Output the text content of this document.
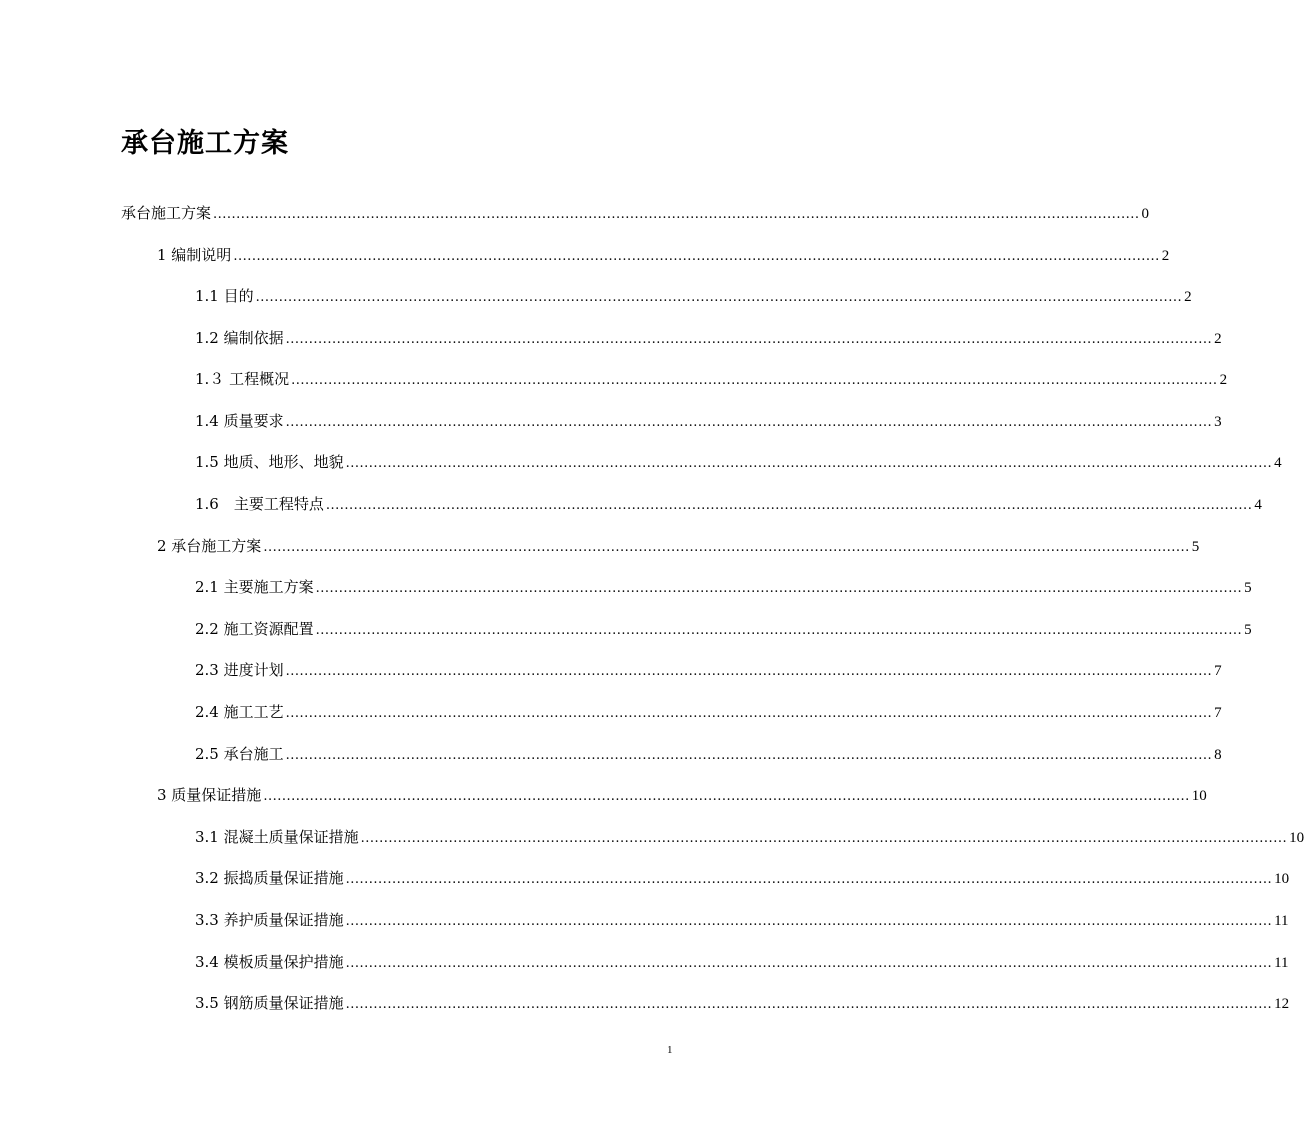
承台施工方案
承台施工方案 ........................................................................................................................................................................................................ 0
1 编制说明 ........................................................................................................................................................................................................ 2
1.1 目的 ........................................................................................................................................................................................................ 2
1.2 编制依据 ........................................................................................................................................................................................................ 2
1.３ 工程概况 ........................................................................................................................................................................................................ 2
1.4 质量要求 ........................................................................................................................................................................................................ 3
1.5 地质、地形、地貌 ........................................................................................................................................................................................................ 4
1.6　主要工程特点 ........................................................................................................................................................................................................ 4
2 承台施工方案 ........................................................................................................................................................................................................ 5
2.1 主要施工方案 ........................................................................................................................................................................................................ 5
2.2 施工资源配置 ........................................................................................................................................................................................................ 5
2.3 进度计划 ........................................................................................................................................................................................................ 7
2.4 施工工艺 ........................................................................................................................................................................................................ 7
2.5 承台施工 ........................................................................................................................................................................................................ 8
3 质量保证措施 ........................................................................................................................................................................................................ 10
3.1 混凝土质量保证措施 ........................................................................................................................................................................................................ 10
3.2 振捣质量保证措施 ........................................................................................................................................................................................................ 10
3.3 养护质量保证措施 ........................................................................................................................................................................................................ 11
3.4 模板质量保护措施 ........................................................................................................................................................................................................ 11
3.5 钢筋质量保证措施 ........................................................................................................................................................................................................ 12
1
